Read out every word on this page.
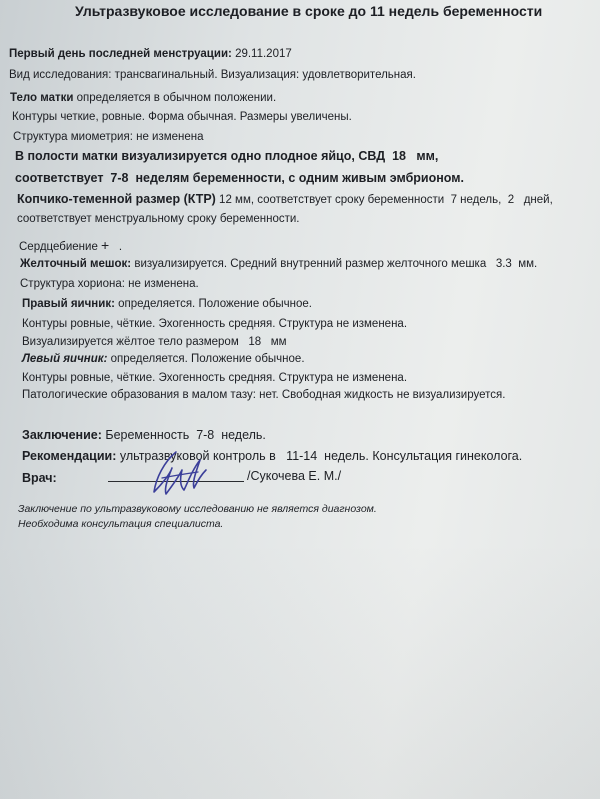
Ультразвуковое исследование в сроке до 11 недель беременности
Первый день последней менструации: 29.11.2017
Вид исследования: трансвагинальный. Визуализация: удовлетворительная.
Тело матки определяется в обычном положении.
Контуры четкие, ровные. Форма обычная. Размеры увеличены.
Структура миометрия: не изменена
В полости матки визуализируется одно плодное яйцо, СВД 18 мм,
соответствует 7-8 неделям беременности, с одним живым эмбрионом.
Копчико-теменной размер (КТР) 12 мм, соответствует сроку беременности 7 недель, 2 дней,
соответствует менструальному сроку беременности.
Сердцебиение + .
Желточный мешок: визуализируется. Средний внутренний размер желточного мешка 3.3 мм.
Структура хориона: не изменена.
Правый яичник: определяется. Положение обычное.
Контуры ровные, чёткие. Эхогенность средняя. Структура не изменена.
Визуализируется жёлтое тело размером 18 мм
Левый яичник: определяется. Положение обычное.
Контуры ровные, чёткие. Эхогенность средняя. Структура не изменена.
Патологические образования в малом тазу: нет. Свободная жидкость не визуализируется.
Заключение: Беременность 7-8 недель.
Рекомендации: ультразвуковой контроль в 11-14 недель. Консультация гинеколога.
Врач:	/Сукочева Е. М./
Заключение по ультразвуковому исследованию не является диагнозом.
Необходима консультация специалиста.
